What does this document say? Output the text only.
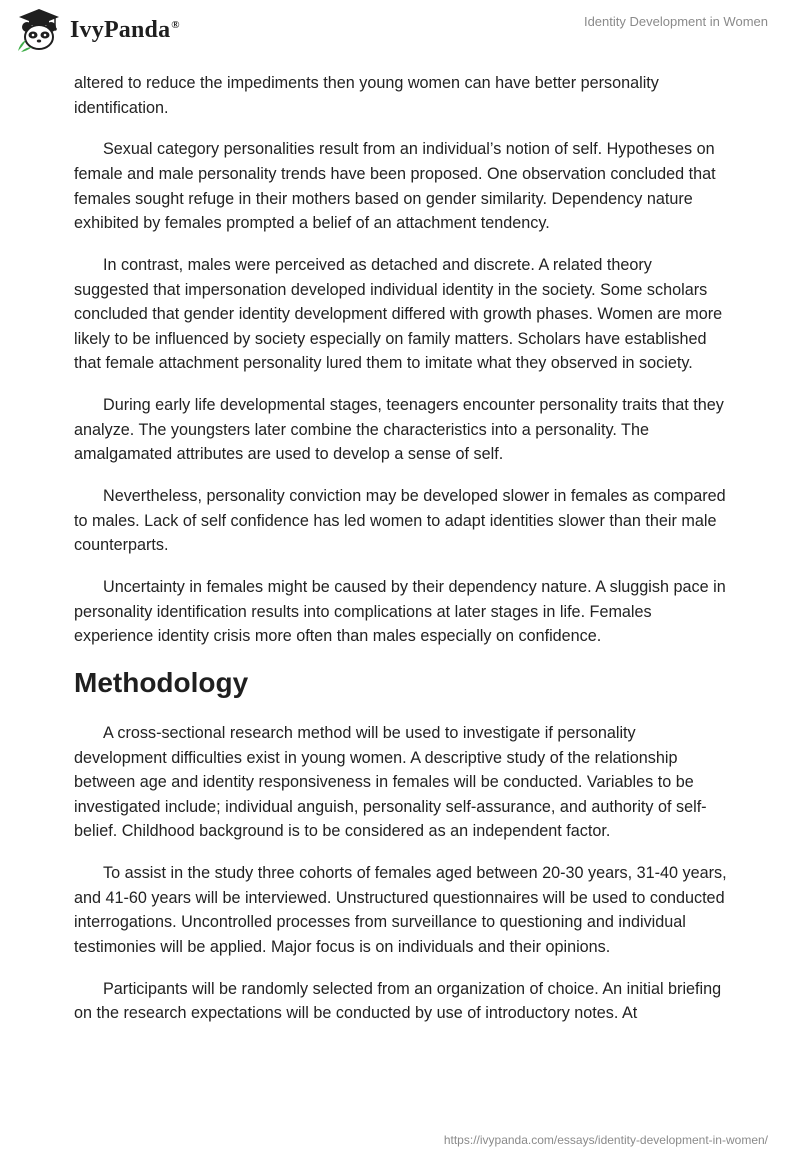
IvyPanda®	Identity Development in Women

altered to reduce the impediments then young women can have better personality identification.

Sexual category personalities result from an individual’s notion of self. Hypotheses on female and male personality trends have been proposed. One observation concluded that females sought refuge in their mothers based on gender similarity. Dependency nature exhibited by females prompted a belief of an attachment tendency.

In contrast, males were perceived as detached and discrete. A related theory suggested that impersonation developed individual identity in the society. Some scholars concluded that gender identity development differed with growth phases. Women are more likely to be influenced by society especially on family matters. Scholars have established that female attachment personality lured them to imitate what they observed in society.

During early life developmental stages, teenagers encounter personality traits that they analyze. The youngsters later combine the characteristics into a personality. The amalgamated attributes are used to develop a sense of self.

Nevertheless, personality conviction may be developed slower in females as compared to males. Lack of self confidence has led women to adapt identities slower than their male counterparts.

Uncertainty in females might be caused by their dependency nature. A sluggish pace in personality identification results into complications at later stages in life. Females experience identity crisis more often than males especially on confidence.

Methodology

A cross-sectional research method will be used to investigate if personality development difficulties exist in young women. A descriptive study of the relationship between age and identity responsiveness in females will be conducted. Variables to be investigated include; individual anguish, personality self-assurance, and authority of self-belief. Childhood background is to be considered as an independent factor.

To assist in the study three cohorts of females aged between 20-30 years, 31-40 years, and 41-60 years will be interviewed. Unstructured questionnaires will be used to conducted interrogations. Uncontrolled processes from surveillance to questioning and individual testimonies will be applied. Major focus is on individuals and their opinions.

Participants will be randomly selected from an organization of choice. An initial briefing on the research expectations will be conducted by use of introductory notes. At

https://ivypanda.com/essays/identity-development-in-women/
